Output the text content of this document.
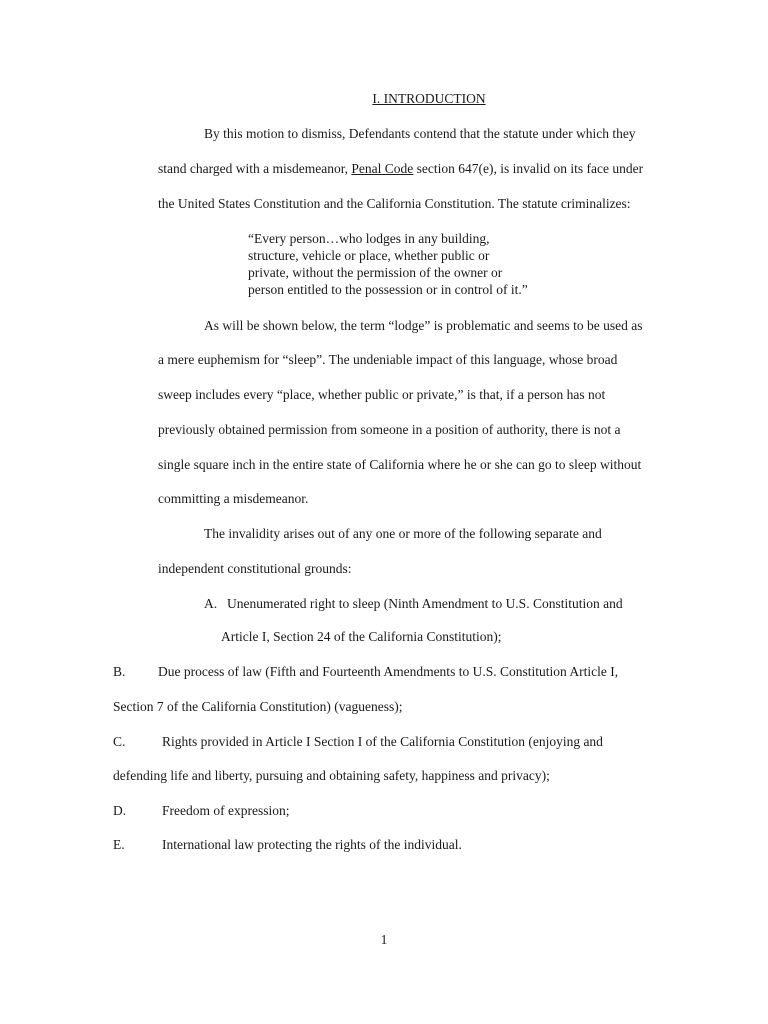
I. INTRODUCTION
By this motion to dismiss, Defendants contend that the statute under which they
stand charged with a misdemeanor, Penal Code section 647(e), is invalid on its face under
the United States Constitution and the California Constitution. The statute criminalizes:
“Every person…who lodges in any building,
structure, vehicle or place, whether public or
private, without the permission of the owner or
person entitled to the possession or in control of it.”
As will be shown below, the term “lodge” is problematic and seems to be used as
a mere euphemism for “sleep”. The undeniable impact of this language, whose broad
sweep includes every “place, whether public or private,” is that, if a person has not
previously obtained permission from someone in a position of authority, there is not a
single square inch in the entire state of California where he or she can go to sleep without
committing a misdemeanor.
The invalidity arises out of any one or more of the following separate and
independent constitutional grounds:
A. Unenumerated right to sleep (Ninth Amendment to U.S. Constitution and
Article I, Section 24 of the California Constitution);
B. Due process of law (Fifth and Fourteenth Amendments to U.S. Constitution Article I,
Section 7 of the California Constitution) (vagueness);
C.	Rights provided in Article I Section I of the California Constitution (enjoying and
defending life and liberty, pursuing and obtaining safety, happiness and privacy);
D.	Freedom of expression;
E.	International law protecting the rights of the individual.
1
